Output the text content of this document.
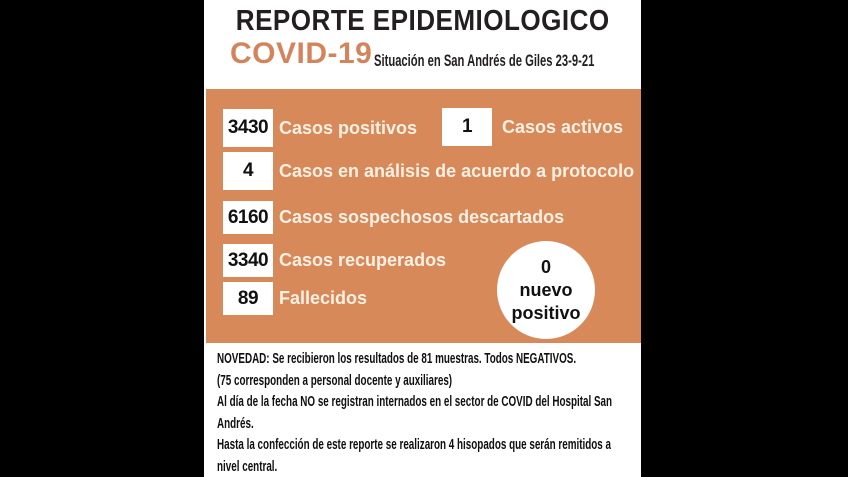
REPORTE EPIDEMIOLOGICO
COVID-19 Situación en San Andrés de Giles 23-9-21
3430 Casos positivos	1	Casos activos
4	Casos en análisis de acuerdo a protocolo
6160 Casos sospechosos descartados
3340 Casos recuperados
89	Fallecidos
0
nuevo
positivo
NOVEDAD: Se recibieron los resultados de 81 muestras. Todos NEGATIVOS.
(75 corresponden a personal docente y auxiliares)
Al día de la fecha NO se registran internados en el sector de COVID del Hospital San
Andrés.
Hasta la confección de este reporte se realizaron 4 hisopados que serán remitidos a
nivel central.
